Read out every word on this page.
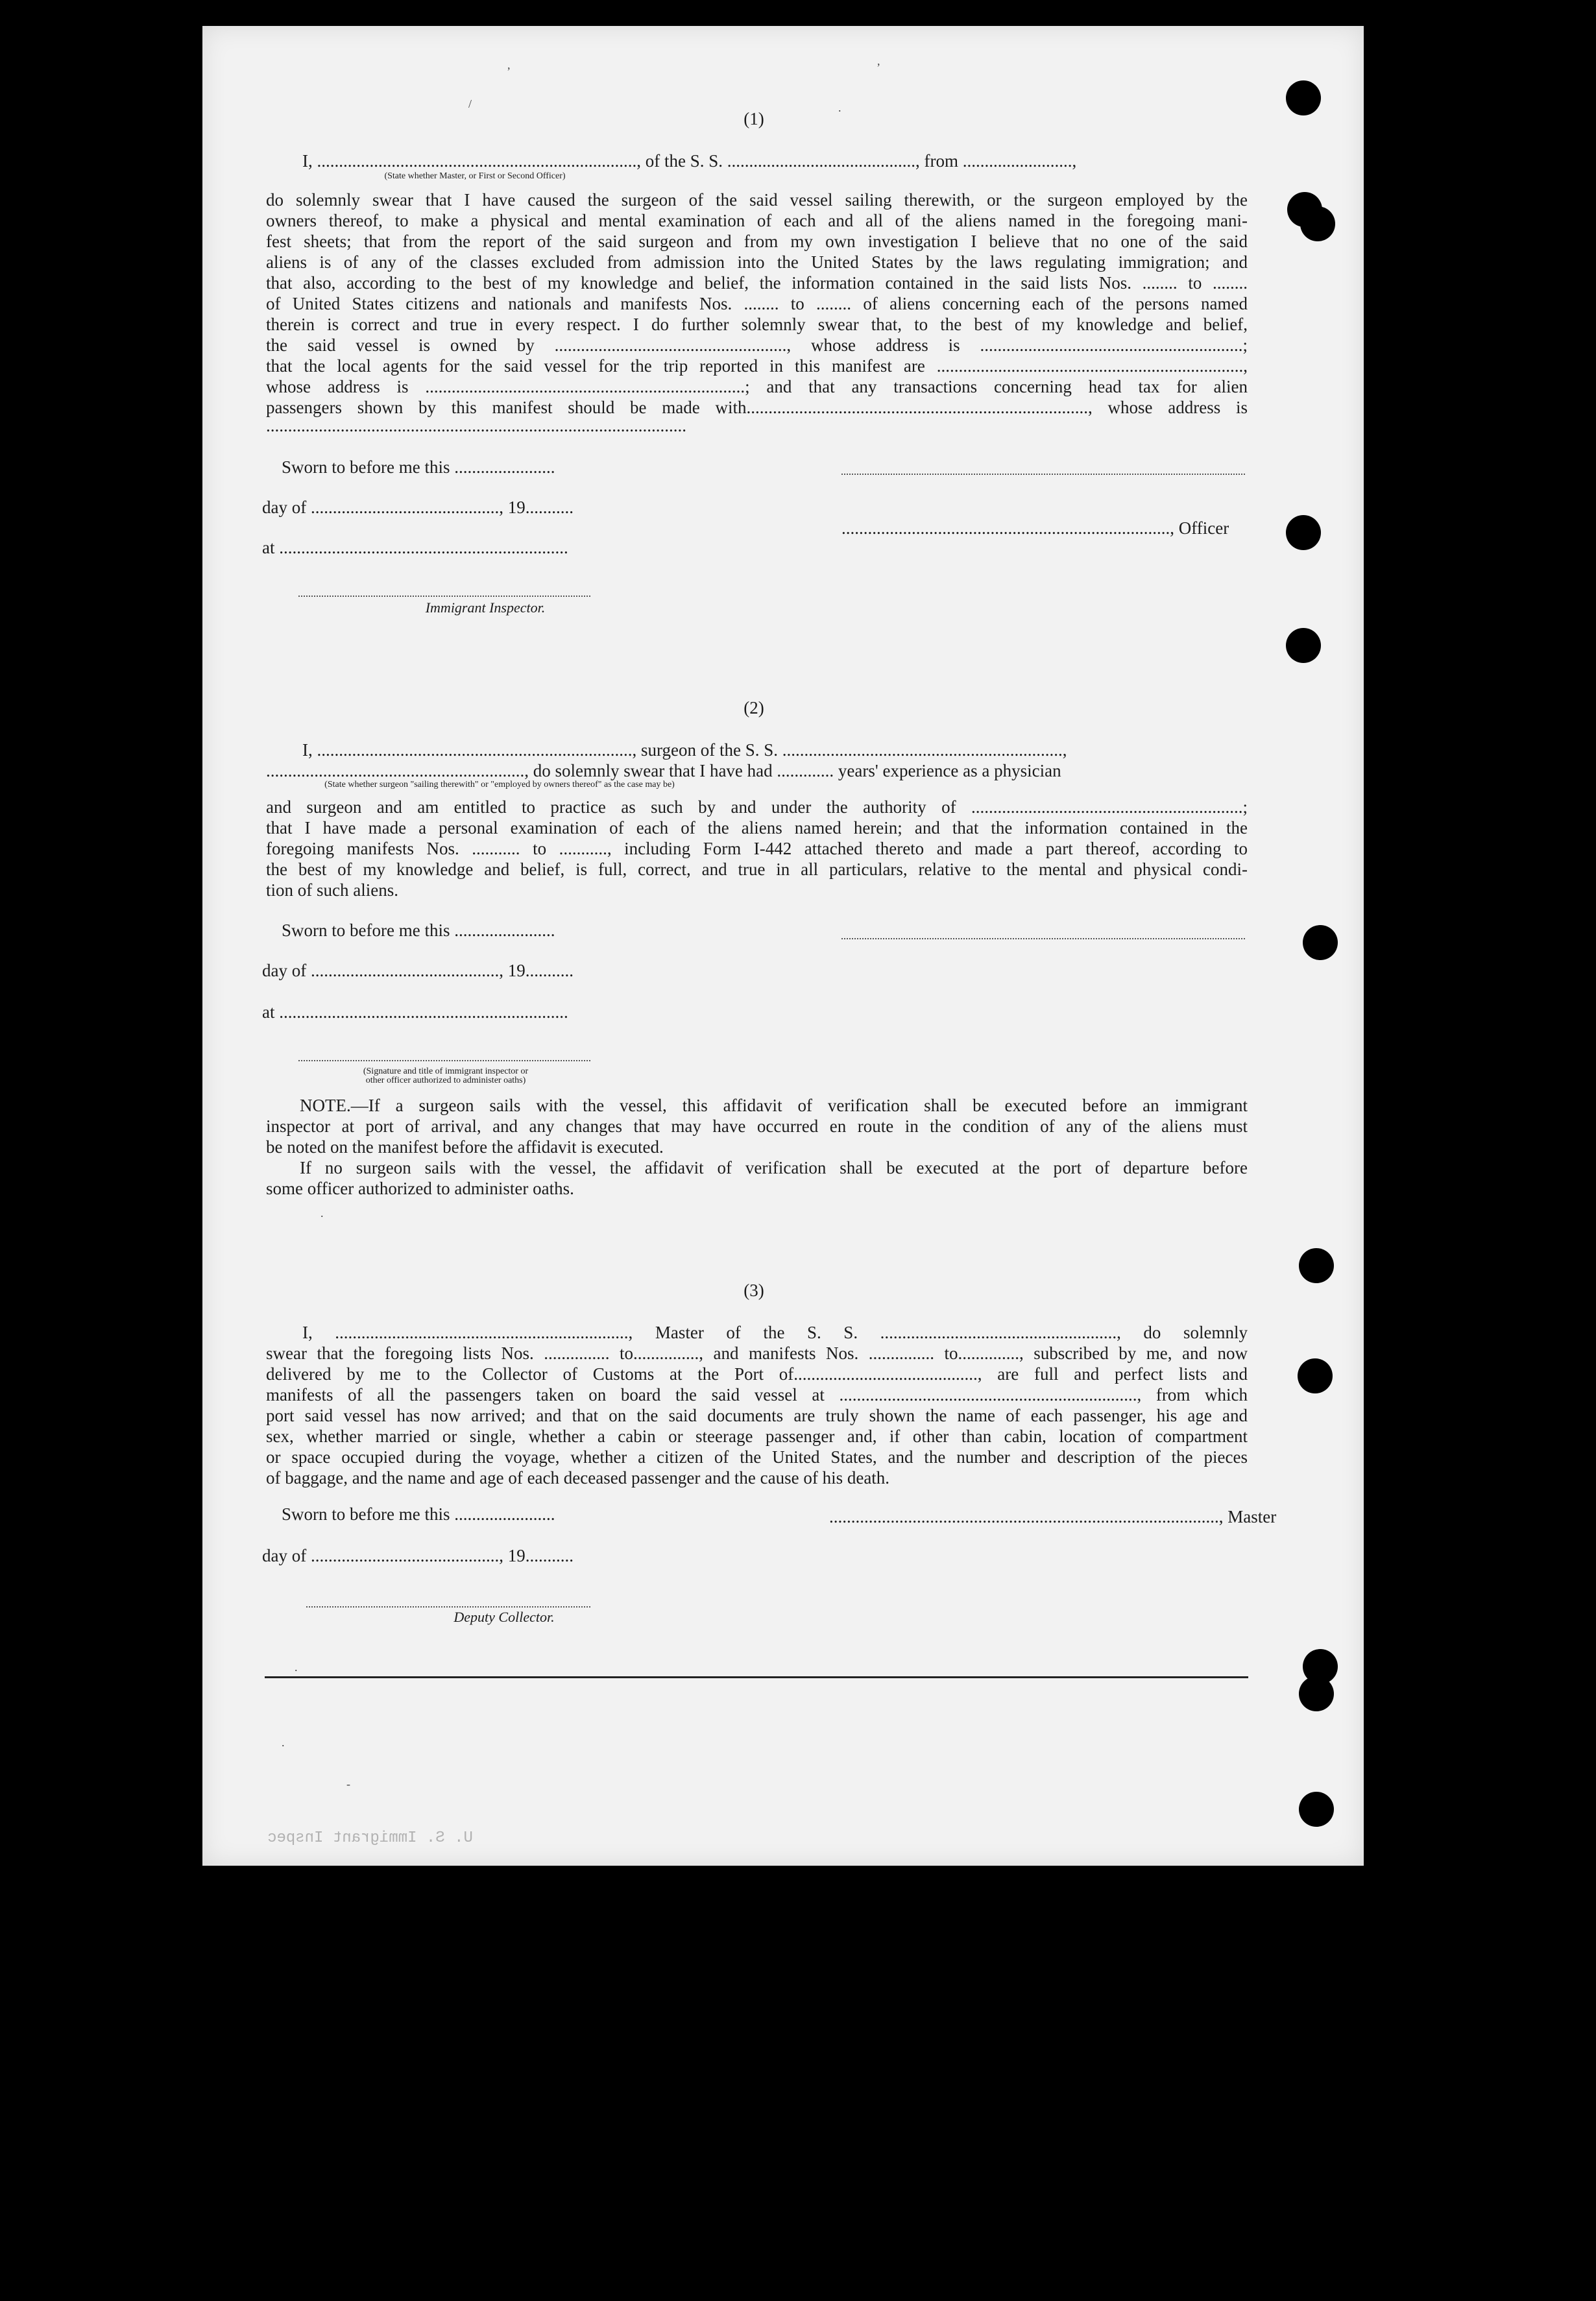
(1)
I, ........................................................................., of the S. S. ..........................................., from .........................,
(State whether Master, or First or Second Officer)

do solemnly swear that I have caused the surgeon of the said vessel sailing therewith, or the surgeon employed by the

owners thereof, to make a physical and mental examination of each and all of the aliens named in the foregoing mani-

fest sheets; that from the report of the said surgeon and from my own investigation I believe that no one of the said

aliens is of any of the classes excluded from admission into the United States by the laws regulating immigration; and

that also, according to the best of my knowledge and belief, the information contained in the said lists Nos. ........ to ........

of United States citizens and nationals and manifests Nos. ........ to ........ of aliens concerning each of the persons named

therein is correct and true in every respect. I do further solemnly swear that, to the best of my knowledge and belief,

the said vessel is owned by ....................................................., whose address is ............................................................;

that the local agents for the said vessel for the trip reported in this manifest are ......................................................................,

whose address is .........................................................................; and that any transactions concerning head tax for alien

passengers shown by this manifest should be made with.............................................................................., whose address is

................................................................................................
Sworn to before me this .......................
day of ..........................................., 19...........
..........................................................................., Officer
at ..................................................................
Immigrant Inspector.
(2)
I, ........................................................................, surgeon of the S. S. ................................................................,
..........................................................., do solemnly swear that I have had ............. years' experience as a physician
(State whether surgeon "sailing therewith" or "employed by owners thereof" as the case may be)

and surgeon and am entitled to practice as such by and under the authority of ..............................................................;

that I have made a personal examination of each of the aliens named herein; and that the information contained in the

foregoing manifests Nos. ........... to ..........., including Form I-442 attached thereto and made a part thereof, according to

the best of my knowledge and belief, is full, correct, and true in all particulars, relative to the mental and physical condi-

tion of such aliens.

Sworn to before me this .......................
day of ..........................................., 19...........
at ..................................................................
(Signature and title of immigrant inspector or
other officer authorized to administer oaths)

NOTE.—If a surgeon sails with the vessel, this affidavit of verification shall be executed before an immigrant

inspector at port of arrival, and any changes that may have occurred en route in the condition of any of the aliens must

be noted on the manifest before the affidavit is executed.

If no surgeon sails with the vessel, the affidavit of verification shall be executed at the port of departure before

some officer authorized to administer oaths.

(3)

I, ..................................................................., Master of the S. S. ......................................................, do solemnly

swear that the foregoing lists Nos. ............... to..............., and manifests Nos. ............... to.............., subscribed by me, and now

delivered by me to the Collector of Customs at the Port of.........................................., are full and perfect lists and

manifests of all the passengers taken on board the said vessel at ...................................................................., from which

port said vessel has now arrived; and that on the said documents are truly shown the name of each passenger, his age and

sex, whether married or single, whether a cabin or steerage passenger and, if other than cabin, location of compartment

or space occupied during the voyage, whether a citizen of the United States, and the number and description of the pieces

of baggage, and the name and age of each deceased passenger and the cause of his death.

Sworn to before me this .......................	........................................................................................., Master
day of ..........................................., 19...........
Deputy Collector.
U. S. Immigrant Inspec
,	,
/	.
.
.
.
-
